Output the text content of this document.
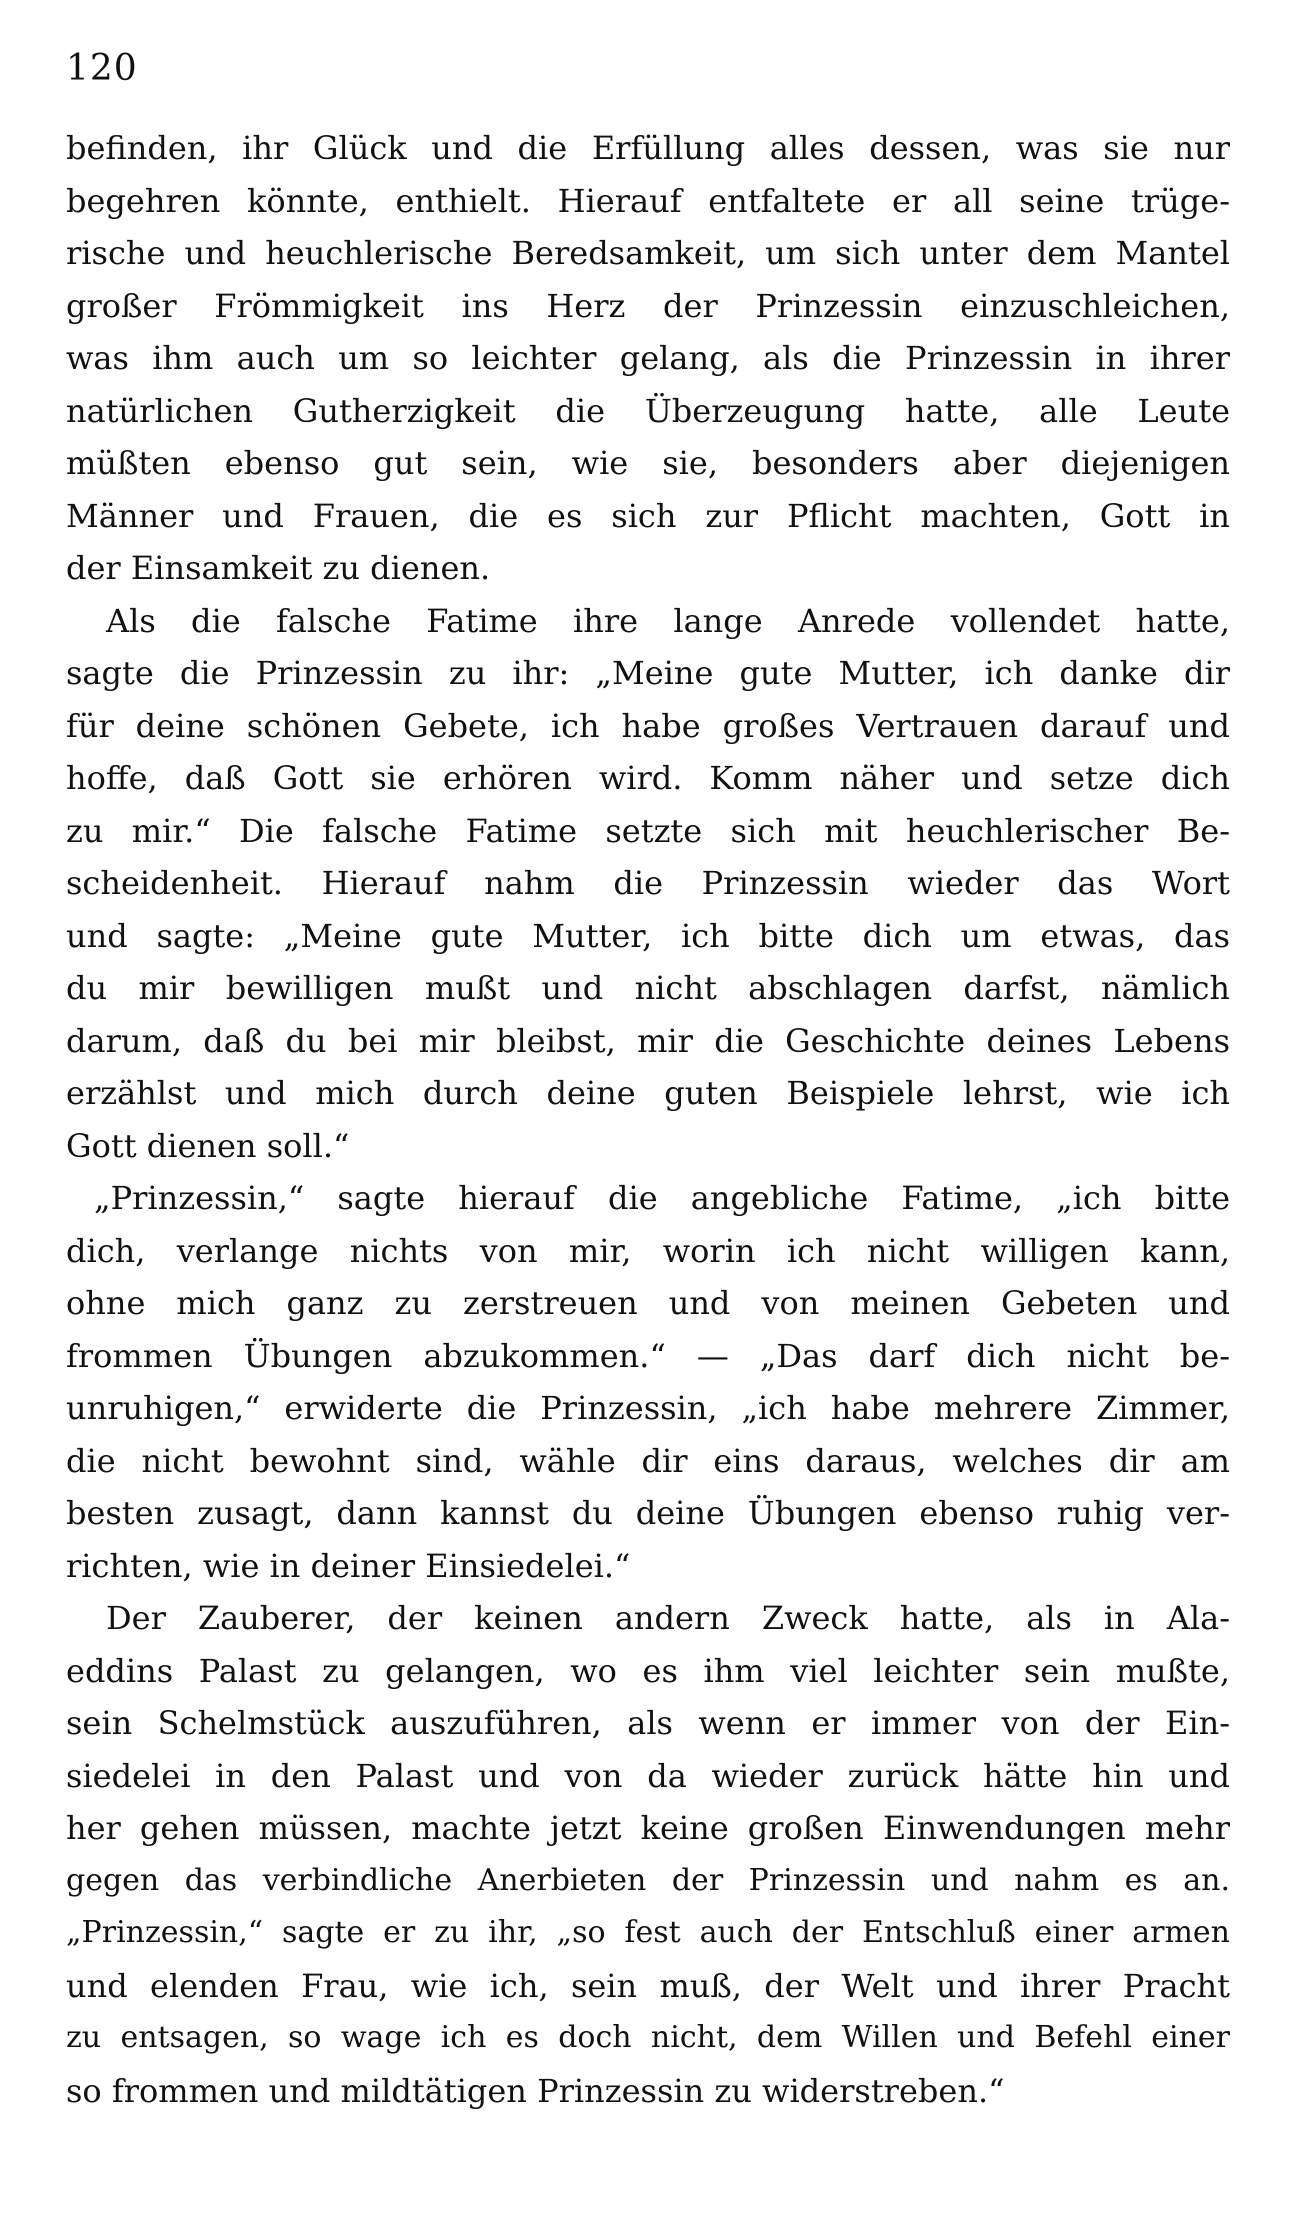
120
befinden, ihr Glück und die Erfüllung alles dessen, was sie nur
begehren könnte, enthielt. Hierauf entfaltete er all seine trüge-
rische und heuchlerische Beredsamkeit, um sich unter dem Mantel
großer Frömmigkeit ins Herz der Prinzessin einzuschleichen,
was ihm auch um so leichter gelang, als die Prinzessin in ihrer
natürlichen Gutherzigkeit die Überzeugung hatte, alle Leute
müßten ebenso gut sein, wie sie, besonders aber diejenigen
Männer und Frauen, die es sich zur Pflicht machten, Gott in
der Einsamkeit zu dienen.
Als die falsche Fatime ihre lange Anrede vollendet hatte,
sagte die Prinzessin zu ihr: „Meine gute Mutter, ich danke dir
für deine schönen Gebete, ich habe großes Vertrauen darauf und
hoffe, daß Gott sie erhören wird. Komm näher und setze dich
zu mir.“ Die falsche Fatime setzte sich mit heuchlerischer Be-
scheidenheit. Hierauf nahm die Prinzessin wieder das Wort
und sagte: „Meine gute Mutter, ich bitte dich um etwas, das
du mir bewilligen mußt und nicht abschlagen darfst, nämlich
darum, daß du bei mir bleibst, mir die Geschichte deines Lebens
erzählst und mich durch deine guten Beispiele lehrst, wie ich
Gott dienen soll.“
„Prinzessin,“ sagte hierauf die angebliche Fatime, „ich bitte
dich, verlange nichts von mir, worin ich nicht willigen kann,
ohne mich ganz zu zerstreuen und von meinen Gebeten und
frommen Übungen abzukommen.“ — „Das darf dich nicht be-
unruhigen,“ erwiderte die Prinzessin, „ich habe mehrere Zimmer,
die nicht bewohnt sind, wähle dir eins daraus, welches dir am
besten zusagt, dann kannst du deine Übungen ebenso ruhig ver-
richten, wie in deiner Einsiedelei.“
Der Zauberer, der keinen andern Zweck hatte, als in Ala-
eddins Palast zu gelangen, wo es ihm viel leichter sein mußte,
sein Schelmstück auszuführen, als wenn er immer von der Ein-
siedelei in den Palast und von da wieder zurück hätte hin und
her gehen müssen, machte jetzt keine großen Einwendungen mehr
gegen das verbindliche Anerbieten der Prinzessin und nahm es an.
„Prinzessin,“ sagte er zu ihr, „so fest auch der Entschluß einer armen
und elenden Frau, wie ich, sein muß, der Welt und ihrer Pracht
zu entsagen, so wage ich es doch nicht, dem Willen und Befehl einer
so frommen und mildtätigen Prinzessin zu widerstreben.“
